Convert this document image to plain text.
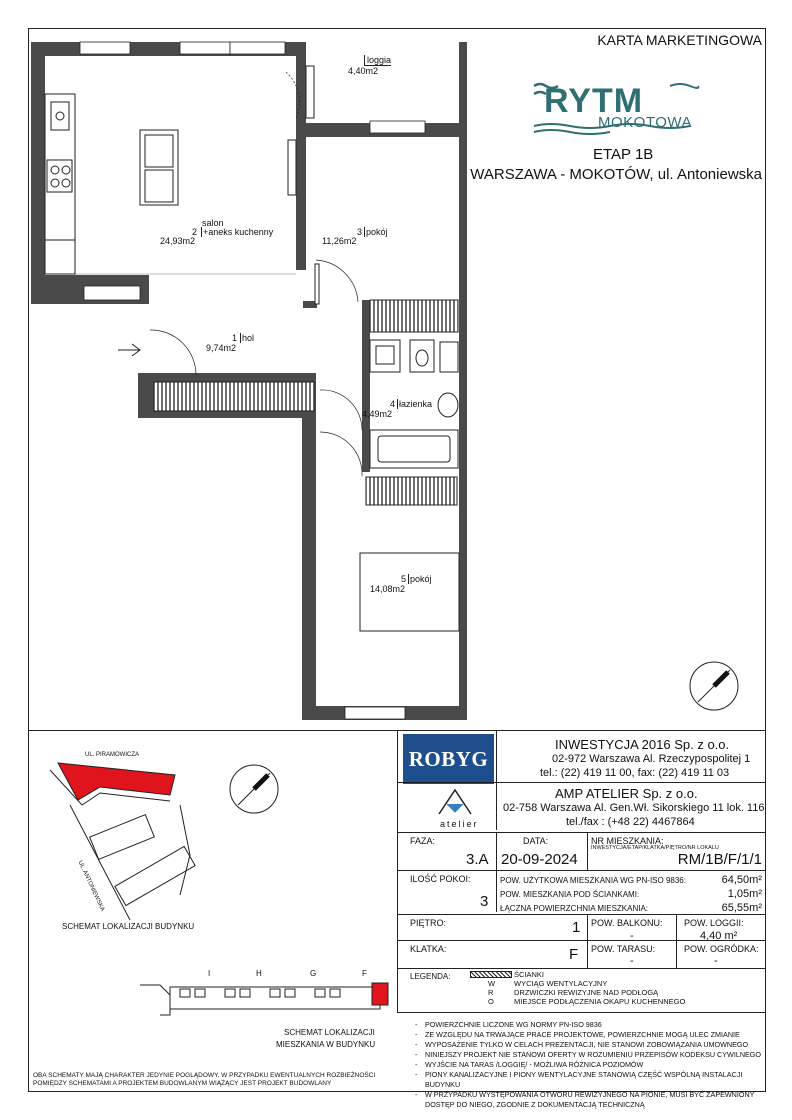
KARTA MARKETINGOWA
RYTM
MOKOTOWA
ETAP 1B
WARSZAWA - MOKOTÓW, ul. Antoniewska
loggia
4,40m2
salon
2 +aneks kuchenny
24,93m2
3 pokój
11,26m2
1 hol
9,74m2
4 łazienka
4,49m2
5 pokój
14,08m2
UL. PIRAMOWICZA
UL. ANTONIEWSKA
SCHEMAT LOKALIZACJI BUDYNKU
I	H	G	F
SCHEMAT LOKALIZACJI
MIESZKANIA W BUDYNKU
OBA SCHEMATY MAJĄ CHARAKTER JEDYNIE POGLĄDOWY, W PRZYPADKU EWENTUALNYCH ROZBIEŻNOŚCI
POMIĘDZY SCHEMATAMI A PROJEKTEM BUDOWLANYM WIĄŻĄCY JEST PROJEKT BUDOWLANY
ROBYG
INWESTYCJA 2016 Sp. z o.o.
02-972 Warszawa Al. Rzeczypospolitej 1
tel.: (22) 419 11 00, fax: (22) 419 11 03
atelier
AMP ATELIER Sp. z o.o.
02-758 Warszawa Al. Gen.Wł. Sikorskiego 11 lok. 116
tel./fax : (+48 22) 4467864
FAZA:
3.A
DATA:
20-09-2024
NR MIESZKANIA:
INWESTYCJA/ETAP/KLATKA/PIĘTRO/NR LOKALU
RM/1B/F/1/1
ILOŚĆ POKOI:
3
POW. UŻYTKOWA MIESZKANIA WG PN-ISO 9836:	64,50m²
POW. MIESZKANIA POD ŚCIANKAMI:	1,05m²
ŁĄCZNA POWIERZCHNIA MIESZKANIA:	65,55m²
PIĘTRO:	1 POW. BALKONU:
-
POW. LOGGII:
4,40 m²
KLATKA:	F POW. TARASU:
-
POW. OGRÓDKA:
-
LEGENDA:	ŚCIANKI
W	WYCIĄG WENTYLACYJNY
R	DRZWICZKI REWIZYJNE NAD PODŁOGĄ
O	MIEJSCE PODŁĄCZENIA OKAPU KUCHENNEGO
- POWIERZCHNIE LICZONE WG NORMY PN-ISO 9836
- ZE WZGLĘDU NA TRWAJĄCE PRACE PROJEKTOWE, POWIERZCHNIE MOGĄ ULEC ZMIANIE
- WYPOSAŻENIE TYLKO W CELACH PREZENTACJI, NIE STANOWI ZOBOWIĄZANIA UMOWNEGO
- NINIEJSZY PROJEKT NIE STANOWI OFERTY W ROZUMIENIU PRZEPISÓW KODEKSU CYWILNEGO
- WYJŚCIE NA TARAS /LOGGIĘ/ - MOŻLIWA RÓŻNICA POZIOMÓW
- PIONY KANALIZACYJNE I PIONY WENTYLACYJNE STANOWIĄ CZĘŚĆ WSPÓLNĄ INSTALACJI BUDYNKU
- W PRZYPADKU WYSTĘPOWANIA OTWORU REWIZYJNEGO NA PIONIE, MUSI BYĆ ZAPEWNIONY DOSTĘP DO NIEGO, ZGODNIE Z DOKUMENTACJĄ TECHNICZNĄ
